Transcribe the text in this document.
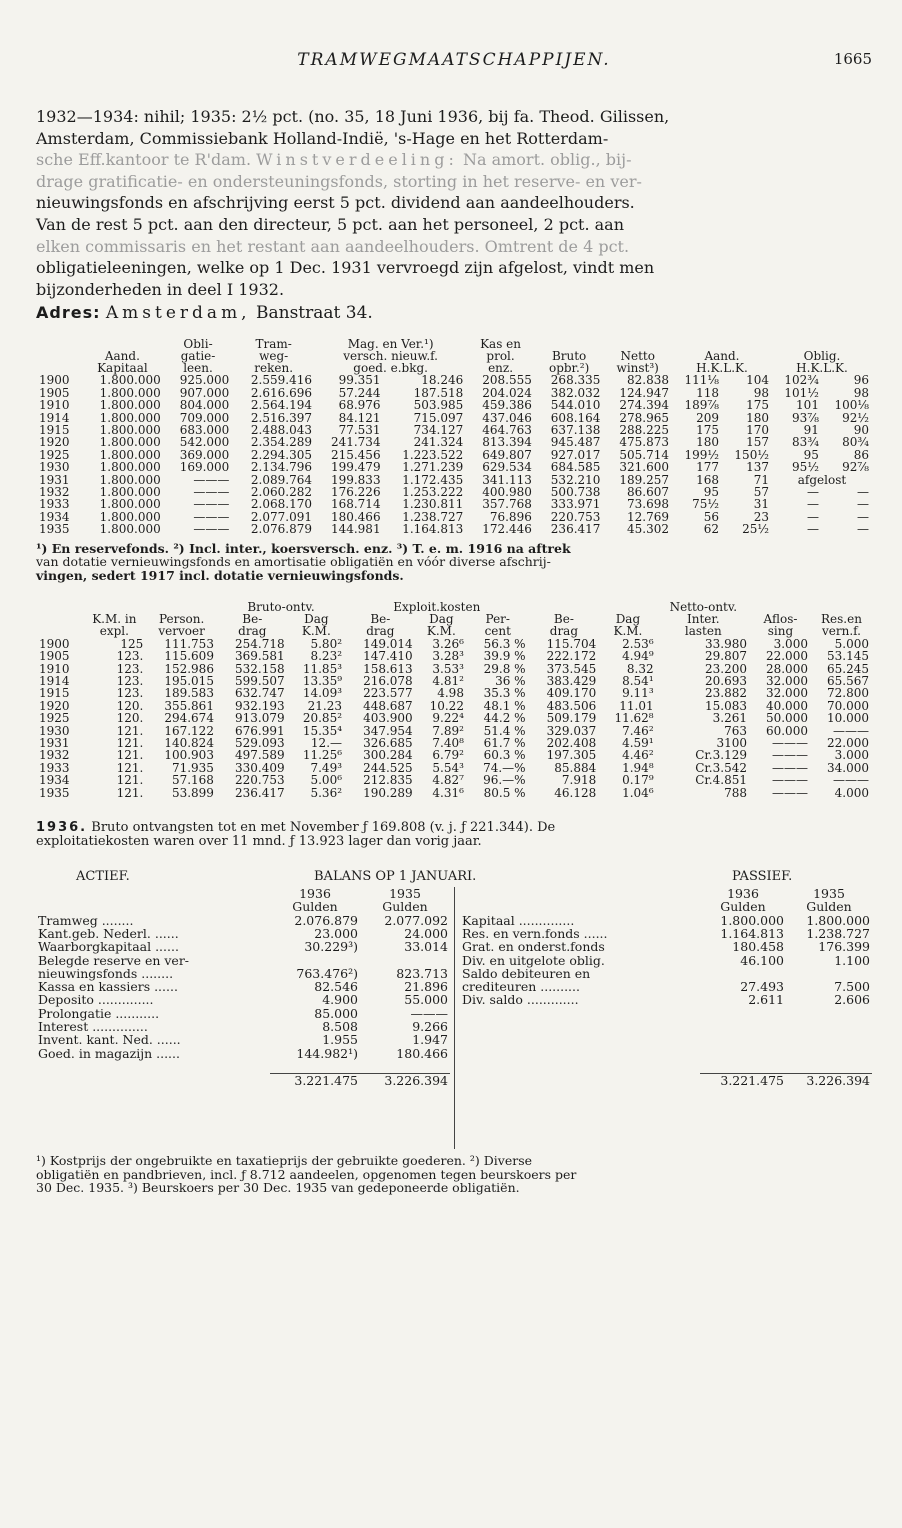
TRAMWEGMAATSCHAPPIJEN.	1665
1932—1934: nihil; 1935: 2½ pct. (no. 35, 18 Juni 1936, bij fa. Theod. Gilissen,
Amsterdam, Commissiebank Holland-Indië, 's-Hage en het Rotterdam-
sche Eff.kantoor te R'dam. Winstverdeeling: Na amort. oblig., bij-
drage gratificatie- en ondersteuningsfonds, storting in het reserve- en ver-
nieuwingsfonds en afschrijving eerst 5 pct. dividend aan aandeelhouders.
Van de rest 5 pct. aan den directeur, 5 pct. aan het personeel, 2 pct. aan
elken commissaris en het restant aan aandeelhouders. Omtrent de 4 pct.
obligatieleeningen, welke op 1 Dec. 1931 vervroegd zijn afgelost, vindt men
bijzonderheden in deel I 1932.
Adres: Amsterdam, Banstraat 34.
		Obli-	Tram-	Mag. en Ver.¹)		Kas en						
	Aand.	gatie-	weg-	versch. nieuw.f.		prol.	Bruto	Netto	Aand.		Oblig.	
	Kapitaal	leen.	reken.	goed. e.bkg.		enz.	opbr.²)	winst³)	H.K.L.K.		H.K.L.K.	
1900	1.800.000	925.000	2.559.416	99.351	18.246	208.555	268.335	82.838	111⅛	104	102¾	96
1905	1.800.000	907.000	2.616.696	57.244	187.518	204.024	382.032	124.947	118	98	101½	98
1910	1.800.000	804.000	2.564.194	68.976	503.985	459.386	544.010	274.394	189⅞	175	101	100⅛
1914	1.800.000	709.000	2.516.397	84.121	715.097	437.046	608.164	278.965	209	180	93⅞	92½
1915	1.800.000	683.000	2.488.043	77.531	734.127	464.763	637.138	288.225	175	170	91	90
1920	1.800.000	542.000	2.354.289	241.734	241.324	813.394	945.487	475.873	180	157	83¾	80¾
1925	1.800.000	369.000	2.294.305	215.456	1.223.522	649.807	927.017	505.714	199½	150½	95	86
1930	1.800.000	169.000	2.134.796	199.479	1.271.239	629.534	684.585	321.600	177	137	95½	92⅞
1931	1.800.000	———	2.089.764	199.833	1.172.435	341.113	532.210	189.257	168	71	afgelost	
1932	1.800.000	———	2.060.282	176.226	1.253.222	400.980	500.738	86.607	95	57	—	—
1933	1.800.000	———	2.068.170	168.714	1.230.811	357.768	333.971	73.698	75½	31	—	—
1934	1.800.000	———	2.077.091	180.466	1.238.727	76.896	220.753	12.769	56	23	—	—
1935	1.800.000	———	2.076.879	144.981	1.164.813	172.446	236.417	45.302	62	25½	—	—
¹) En reservefonds. ²) Incl. inter., koersversch. enz. ³) T. e. m. 1916 na aftrek
van dotatie vernieuwingsfonds en amortisatie obligatiën en vóór diverse afschrij-
vingen, sedert 1917 incl. dotatie vernieuwingsfonds.
			Bruto-ontv.		Exploit.kosten					Netto-ontv.		
	K.M. in	Person.	Be-	Dag	Be-	Dag	Per-	Be-	Dag	Inter.	Aflos-	Res.en
	expl.	vervoer	drag	K.M.	drag	K.M.	cent	drag	K.M.	lasten	sing	vern.f.
1900	125	111.753	254.718	5.80²	149.014	3.26⁶	56.3 %	115.704	2.53⁶	33.980	3.000	5.000
1905	123.	115.609	369.581	8.23²	147.410	3.28³	39.9 %	222.172	4.94⁹	29.807	22.000	53.145
1910	123.	152.986	532.158	11.85³	158.613	3.53³	29.8 %	373.545	8.32	23.200	28.000	65.245
1914	123.	195.015	599.507	13.35⁹	216.078	4.81²	36 %	383.429	8.54¹	20.693	32.000	65.567
1915	123.	189.583	632.747	14.09³	223.577	4.98	35.3 %	409.170	9.11³	23.882	32.000	72.800
1920	120.	355.861	932.193	21.23	448.687	10.22	48.1 %	483.506	11.01	15.083	40.000	70.000
1925	120.	294.674	913.079	20.85²	403.900	9.22⁴	44.2 %	509.179	11.62⁸	3.261	50.000	10.000
1930	121.	167.122	676.991	15.35⁴	347.954	7.89²	51.4 %	329.037	7.46²	763	60.000	———
1931	121.	140.824	529.093	12.—	326.685	7.40⁸	61.7 %	202.408	4.59¹	3100	———	22.000
1932	121.	100.903	497.589	11.25⁶	300.284	6.79²	60.3 %	197.305	4.46²	Cr.3.129	———	3.000
1933	121.	71.935	330.409	7.49³	244.525	5.54³	74.—%	85.884	1.94⁸	Cr.3.542	———	34.000
1934	121.	57.168	220.753	5.00⁶	212.835	4.82⁷	96.—%	7.918	0.17⁹	Cr.4.851	———	———
1935	121.	53.899	236.417	5.36²	190.289	4.31⁶	80.5 %	46.128	1.04⁶	788	———	4.000
1936. Bruto ontvangsten tot en met November ƒ 169.808 (v. j. ƒ 221.344). De
exploitatiekosten waren over 11 mnd. ƒ 13.923 lager dan vorig jaar.
ACTIEF.	BALANS OP 1 JANUARI.	PASSIEF.
	1936	1935
	Gulden	Gulden
Tramweg ........	2.076.879	2.077.092
Kant.geb. Nederl. ......	23.000	24.000
Waarborgkapitaal ......	30.229³)	33.014
Belegde reserve en ver-		
nieuwingsfonds ........	763.476²)	823.713
Kassa en kassiers ......	82.546	21.896
Deposito ..............	4.900	55.000
Prolongatie ...........	85.000	———
Interest ..............	8.508	9.266
Invent. kant. Ned. ......	1.955	1.947
Goed. in magazijn ......	144.982¹)	180.466

	3.221.475	3.226.394
	1936	1935
	Gulden	Gulden
Kapitaal ..............	1.800.000	1.800.000
Res. en vern.fonds ......	1.164.813	1.238.727
Grat. en onderst.fonds	180.458	176.399
Div. en uitgelote oblig.	46.100	1.100
Saldo debiteuren en		
crediteuren ..........	27.493	7.500
Div. saldo .............	2.611	2.606

	3.221.475	3.226.394
¹) Kostprijs der ongebruikte en taxatieprijs der gebruikte goederen. ²) Diverse
obligatiën en pandbrieven, incl. ƒ 8.712 aandeelen, opgenomen tegen beurskoers per
30 Dec. 1935. ³) Beurskoers per 30 Dec. 1935 van gedeponeerde obligatiën.
